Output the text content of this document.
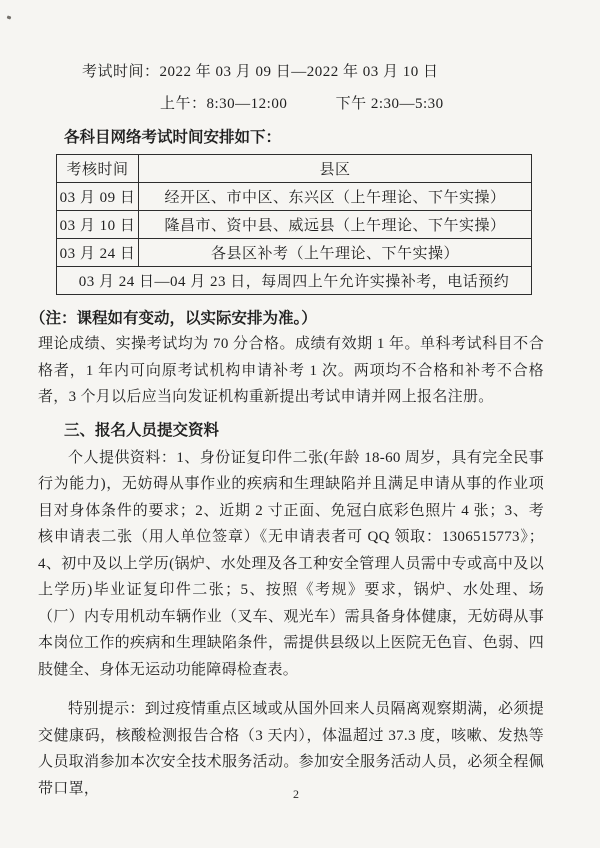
考试时间：2022 年 03 月 09 日—2022 年 03 月 10 日
上午：8:30—12:00	下午 2:30—5:30
各科目网络考试时间安排如下：
考核时间	县区
03 月 09 日	经开区、市中区、东兴区（上午理论、下午实操）
03 月 10 日	隆昌市、资中县、威远县（上午理论、下午实操）
03 月 24 日	各县区补考（上午理论、下午实操）
03 月 24 日—04 月 23 日，每周四上午允许实操补考，电话预约	
（注：课程如有变动，以实际安排为准。）
理论成绩、实操考试均为 70 分合格。成绩有效期 1 年。单科考试科目不合格者，1 年内可向原考试机构申请补考 1 次。两项均不合格和补考不合格者，3 个月以后应当向发证机构重新提出考试申请并网上报名注册。
三、报名人员提交资料
个人提供资料：1、身份证复印件二张(年龄 18-60 周岁，具有完全民事行为能力)，无妨碍从事作业的疾病和生理缺陷并且满足申请从事的作业项目对身体条件的要求；2、近期 2 寸正面、免冠白底彩色照片 4 张；3、考核申请表二张（用人单位签章）《无申请表者可 QQ 领取：1306515773》；4、初中及以上学历(锅炉、水处理及各工种安全管理人员需中专或高中及以上学历)毕业证复印件二张；5、按照《考规》要求，锅炉、水处理、场（厂）内专用机动车辆作业（叉车、观光车）需具备身体健康，无妨碍从事本岗位工作的疾病和生理缺陷条件，需提供县级以上医院无色盲、色弱、四肢健全、身体无运动功能障碍检查表。
特别提示：到过疫情重点区域或从国外回来人员隔离观察期满，必须提交健康码，核酸检测报告合格（3 天内），体温超过 37.3 度，咳嗽、发热等人员取消参加本次安全技术服务活动。参加安全服务活动人员，必须全程佩带口罩，	2
